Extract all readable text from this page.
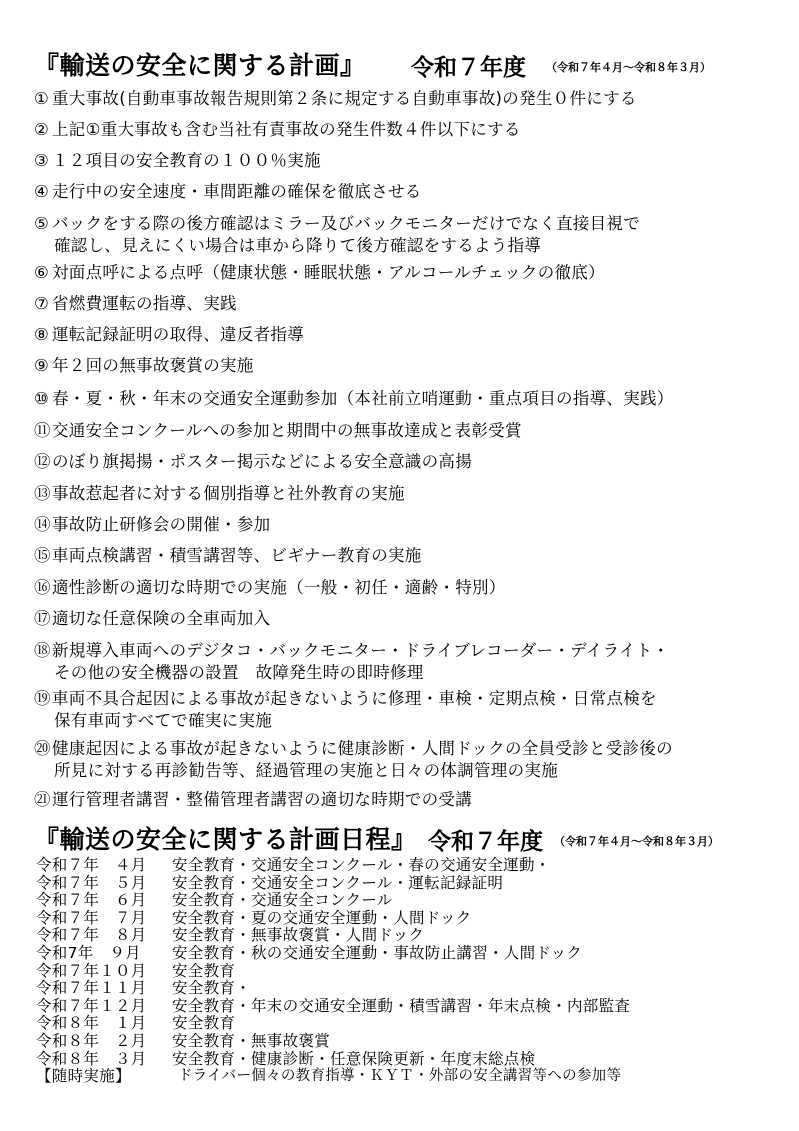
『輸送の安全に関する計画』 令和７年度 （令和７年４月～令和８年３月）
① 重大事故(自動車事故報告規則第２条に規定する自動車事故)の発生０件にする
② 上記①重大事故も含む当社有責事故の発生件数４件以下にする
③ １２項目の安全教育の１００％実施
④ 走行中の安全速度・車間距離の確保を徹底させる
⑤ バックをする際の後方確認はミラー及びバックモニターだけでなく直接目視で
確認し、見えにくい場合は車から降りて後方確認をするよう指導
⑥ 対面点呼による点呼（健康状態・睡眠状態・アルコールチェックの徹底）
⑦ 省燃費運転の指導、実践
⑧ 運転記録証明の取得、違反者指導
⑨ 年２回の無事故褒賞の実施
⑩ 春・夏・秋・年末の交通安全運動参加（本社前立哨運動・重点項目の指導、実践）
⑪交通安全コンクールへの参加と期間中の無事故達成と表彰受賞
⑫のぼり旗掲揚・ポスター掲示などによる安全意識の高揚
⑬事故惹起者に対する個別指導と社外教育の実施
⑭事故防止研修会の開催・参加
⑮車両点検講習・積雪講習等、ビギナー教育の実施
⑯適性診断の適切な時期での実施（一般・初任・適齢・特別）
⑰適切な任意保険の全車両加入
⑱新規導入車両へのデジタコ・バックモニター・ドライブレコーダー・デイライト・
その他の安全機器の設置　故障発生時の即時修理
⑲車両不具合起因による事故が起きないように修理・車検・定期点検・日常点検を
保有車両すべてで確実に実施
⑳健康起因による事故が起きないように健康診断・人間ドックの全員受診と受診後の
所見に対する再診勧告等、経過管理の実施と日々の体調管理の実施
㉑運行管理者講習・整備管理者講習の適切な時期での受講
『輸送の安全に関する計画日程』 令和７年度 （令和７年４月～令和８年３月）
令和７年　４月 安全教育・交通安全コンクール・春の交通安全運動・
令和７年　５月 安全教育・交通安全コンクール・運転記録証明
令和７年　６月 安全教育・交通安全コンクール
令和７年　７月 安全教育・夏の交通安全運動・人間ドック
令和７年　８月 安全教育・無事故褒賞・人間ドック
令和7年　９月 安全教育・秋の交通安全運動・事故防止講習・人間ドック
令和７年１０月 安全教育
令和７年１１月 安全教育・
令和７年１２月 安全教育・年末の交通安全運動・積雪講習・年末点検・内部監査
令和８年　１月 安全教育
令和８年　２月 安全教育・無事故褒賞
令和８年　３月 安全教育・健康診断・任意保険更新・年度末総点検
【随時実施】	ドライバー個々の教育指導・ＫＹＴ・外部の安全講習等への参加等
